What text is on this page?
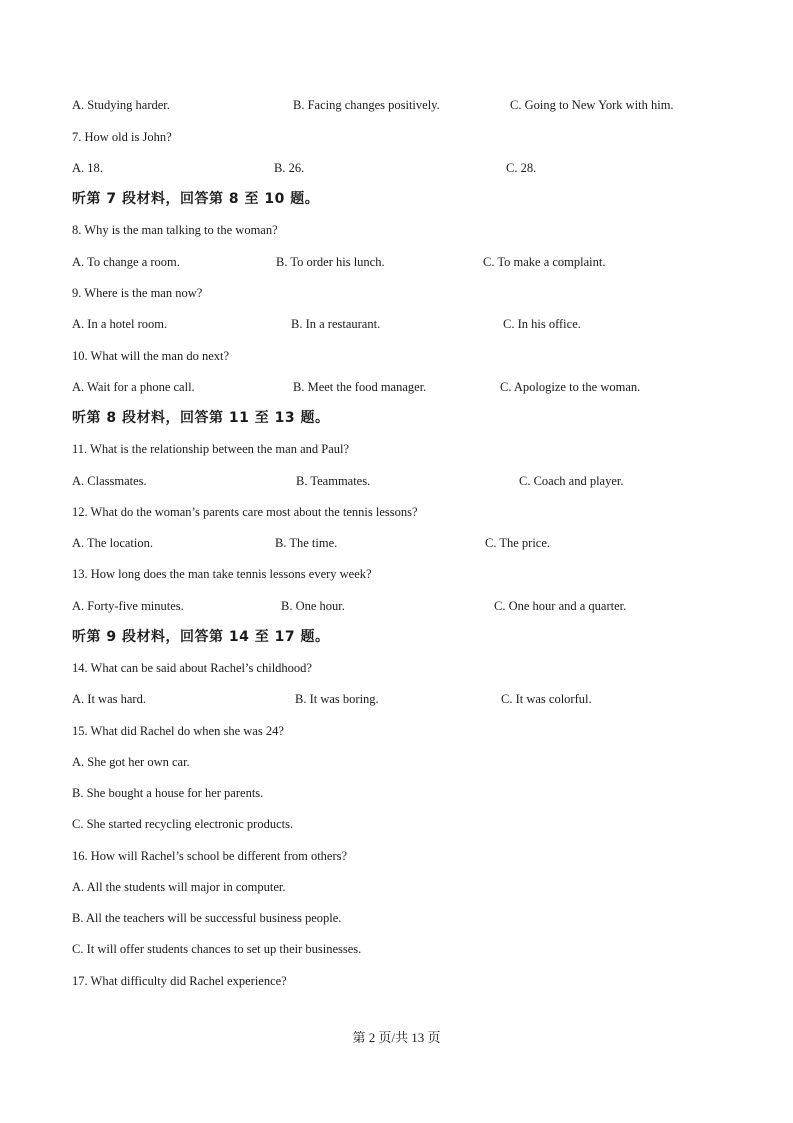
A. Studying harder.	B. Facing changes positively.	C. Going to New York with him.
7. How old is John?
A. 18.	B. 26.	C. 28.
听第 7 段材料，回答第 8 至 10 题。
8. Why is the man talking to the woman?
A. To change a room.	B. To order his lunch.	C. To make a complaint.
9. Where is the man now?
A. In a hotel room.	B. In a restaurant.	C. In his office.
10. What will the man do next?
A. Wait for a phone call.	B. Meet the food manager.	C. Apologize to the woman.
听第 8 段材料，回答第 11 至 13 题。
11. What is the relationship between the man and Paul?
A. Classmates.	B. Teammates.	C. Coach and player.
12. What do the woman’s parents care most about the tennis lessons?
A. The location.	B. The time.	C. The price.
13. How long does the man take tennis lessons every week?
A. Forty-five minutes.	B. One hour.	C. One hour and a quarter.
听第 9 段材料，回答第 14 至 17 题。
14. What can be said about Rachel’s childhood?
A. It was hard.	B. It was boring.	C. It was colorful.
15. What did Rachel do when she was 24?
A. She got her own car.
B. She bought a house for her parents.
C. She started recycling electronic products.
16. How will Rachel’s school be different from others?
A. All the students will major in computer.
B. All the teachers will be successful business people.
C. It will offer students chances to set up their businesses.
17. What difficulty did Rachel experience?
第 2 页/共 13 页
